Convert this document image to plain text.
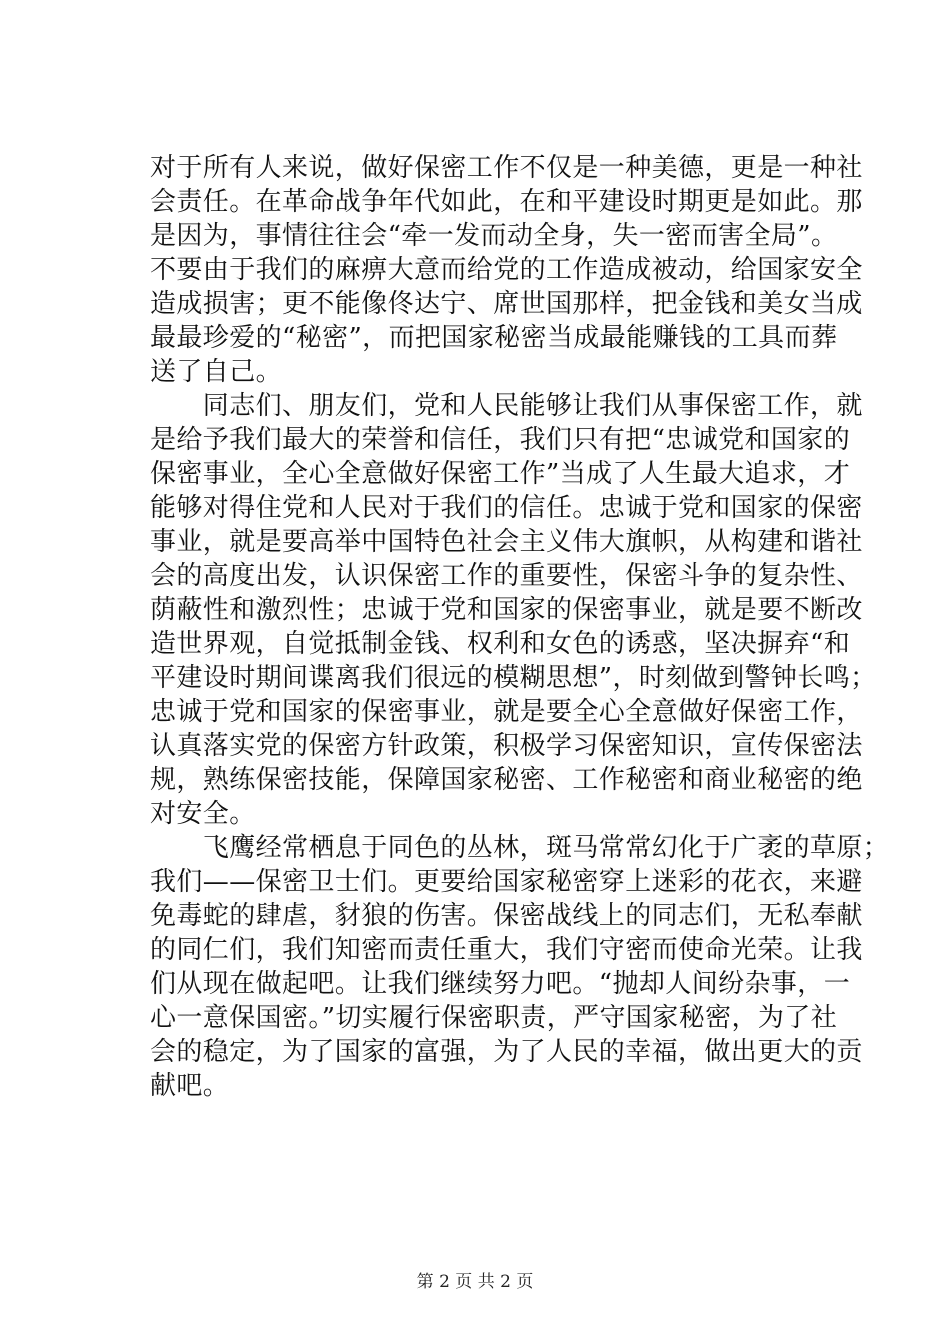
对于所有人来说，做好保密工作不仅是一种美德，更是一种社
会责任。在革命战争年代如此，在和平建设时期更是如此。那
是因为，事情往往会“牵一发而动全身，失一密而害全局”。
不要由于我们的麻痹大意而给党的工作造成被动，给国家安全
造成损害；更不能像佟达宁、席世国那样，把金钱和美女当成
最最珍爱的“秘密”，而把国家秘密当成最能赚钱的工具而葬
送了自己。
　　同志们、朋友们，党和人民能够让我们从事保密工作，就
是给予我们最大的荣誉和信任，我们只有把“忠诚党和国家的
保密事业，全心全意做好保密工作”当成了人生最大追求，才
能够对得住党和人民对于我们的信任。忠诚于党和国家的保密
事业，就是要高举中国特色社会主义伟大旗帜，从构建和谐社
会的高度出发，认识保密工作的重要性，保密斗争的复杂性、
荫蔽性和激烈性；忠诚于党和国家的保密事业，就是要不断改
造世界观，自觉抵制金钱、权利和女色的诱惑，坚决摒弃“和
平建设时期间谍离我们很远的模糊思想”，时刻做到警钟长鸣；
忠诚于党和国家的保密事业，就是要全心全意做好保密工作，
认真落实党的保密方针政策，积极学习保密知识，宣传保密法
规，熟练保密技能，保障国家秘密、工作秘密和商业秘密的绝
对安全。
　　飞鹰经常栖息于同色的丛林，斑马常常幻化于广袤的草原；
我们——保密卫士们。更要给国家秘密穿上迷彩的花衣，来避
免毒蛇的肆虐，豺狼的伤害。保密战线上的同志们，无私奉献
的同仁们，我们知密而责任重大，我们守密而使命光荣。让我
们从现在做起吧。让我们继续努力吧。“抛却人间纷杂事，一
心一意保国密。”切实履行保密职责，严守国家秘密，为了社
会的稳定，为了国家的富强，为了人民的幸福，做出更大的贡
献吧。
第 2 页 共 2 页
